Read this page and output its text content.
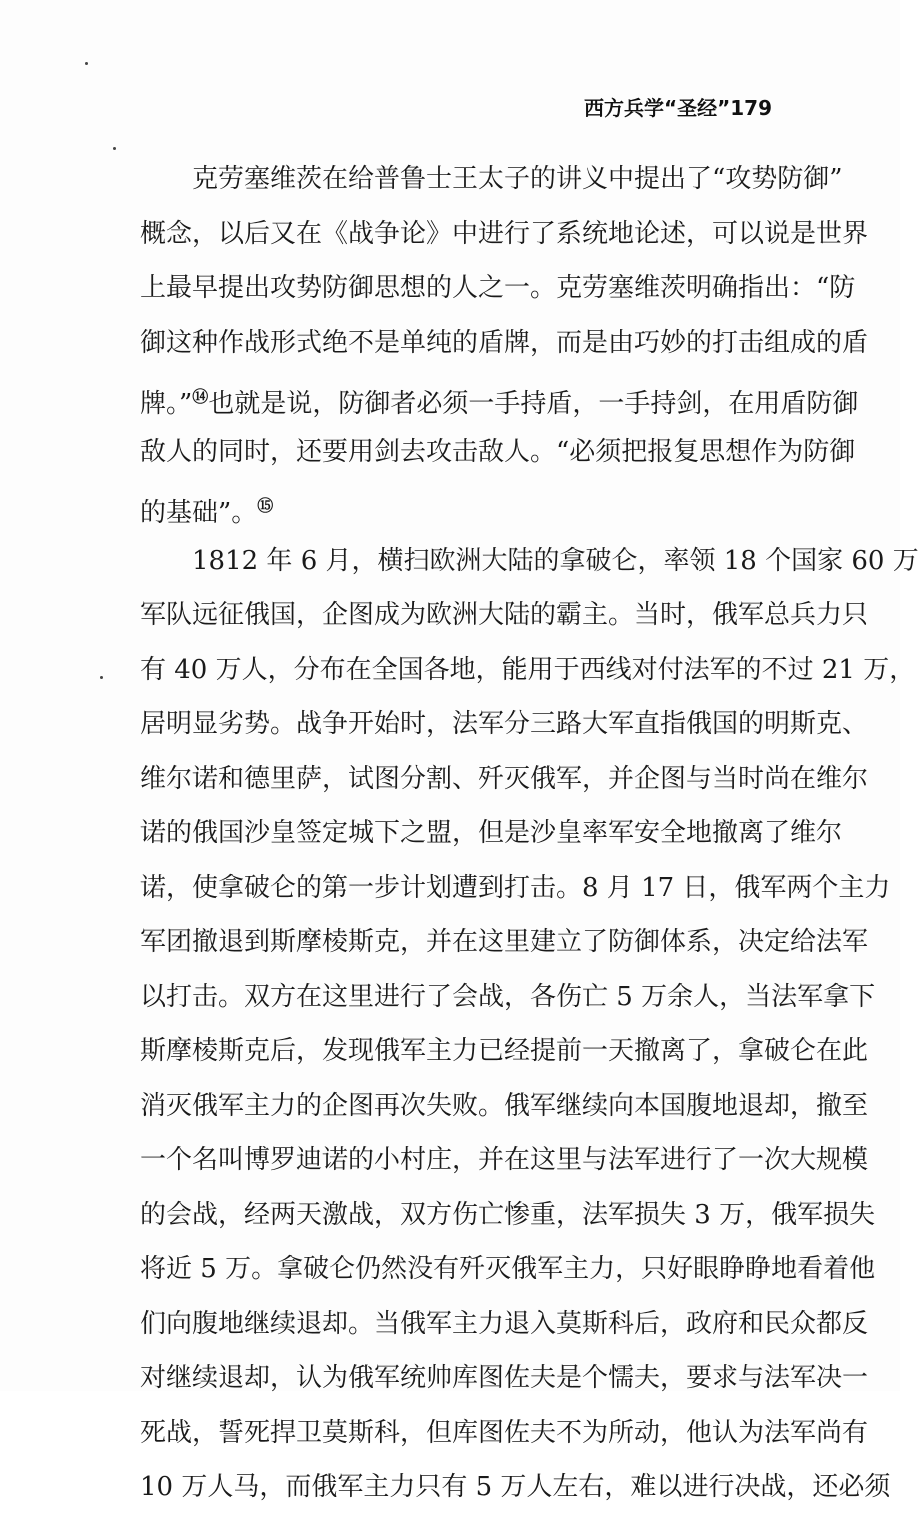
西方兵学“圣经”179
克劳塞维茨在给普鲁士王太子的讲义中提出了“攻势防御”
概念，以后又在《战争论》中进行了系统地论述，可以说是世界
上最早提出攻势防御思想的人之一。克劳塞维茨明确指出：“防
御这种作战形式绝不是单纯的盾牌，而是由巧妙的打击组成的盾
牌。”⑭也就是说，防御者必须一手持盾，一手持剑，在用盾防御
敌人的同时，还要用剑去攻击敌人。“必须把报复思想作为防御
的基础”。⑮
1812 年 6 月，横扫欧洲大陆的拿破仑，率领 18 个国家 60 万
军队远征俄国，企图成为欧洲大陆的霸主。当时，俄军总兵力只
有 40 万人，分布在全国各地，能用于西线对付法军的不过 21 万，
居明显劣势。战争开始时，法军分三路大军直指俄国的明斯克、
维尔诺和德里萨，试图分割、歼灭俄军，并企图与当时尚在维尔
诺的俄国沙皇签定城下之盟，但是沙皇率军安全地撤离了维尔
诺，使拿破仑的第一步计划遭到打击。8 月 17 日，俄军两个主力
军团撤退到斯摩棱斯克，并在这里建立了防御体系，决定给法军
以打击。双方在这里进行了会战，各伤亡 5 万余人，当法军拿下
斯摩棱斯克后，发现俄军主力已经提前一天撤离了，拿破仑在此
消灭俄军主力的企图再次失败。俄军继续向本国腹地退却，撤至
一个名叫博罗迪诺的小村庄，并在这里与法军进行了一次大规模
的会战，经两天激战，双方伤亡惨重，法军损失 3 万，俄军损失
将近 5 万。拿破仑仍然没有歼灭俄军主力，只好眼睁睁地看着他
们向腹地继续退却。当俄军主力退入莫斯科后，政府和民众都反
对继续退却，认为俄军统帅库图佐夫是个懦夫，要求与法军决一
死战，誓死捍卫莫斯科，但库图佐夫不为所动，他认为法军尚有
10 万人马，而俄军主力只有 5 万人左右，难以进行决战，还必须
